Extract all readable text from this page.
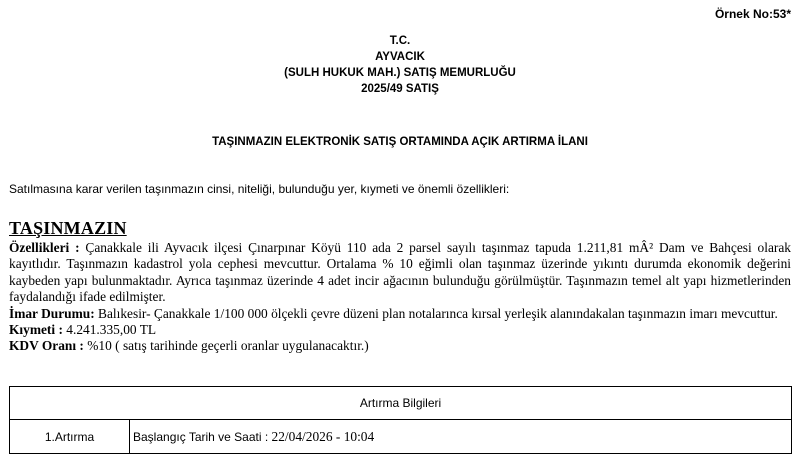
Örnek No:53*
T.C.
AYVACIK
(SULH HUKUK MAH.) SATIŞ MEMURLUĞU
2025/49 SATIŞ
TAŞINMAZIN ELEKTRONİK SATIŞ ORTAMINDA AÇIK ARTIRMA İLANI
Satılmasına karar verilen taşınmazın cinsi, niteliği, bulunduğu yer, kıymeti ve önemli özellikleri:
TAŞINMAZIN

Özellikleri : Çanakkale ili Ayvacık ilçesi Çınarpınar Köyü 110 ada 2 parsel sayılı taşınmaz tapuda 1.211,81 mÂ² Dam ve Bahçesi olarak kayıtlıdır. Taşınmazın kadastrol yola cephesi mevcuttur. Ortalama % 10 eğimli olan taşınmaz üzerinde yıkıntı durumda ekonomik değerini kaybeden yapı bulunmaktadır. Ayrıca taşınmaz üzerinde 4 adet incir ağacının bulunduğu görülmüştür. Taşınmazın temel alt yapı hizmetlerinden faydalandığı ifade edilmişter.

İmar Durumu: Balıkesir- Çanakkale 1/100 000 ölçekli çevre düzeni plan notalarınca kırsal yerleşik alanındakalan taşınmazın imarı mevcuttur.

Kıymeti : 4.241.335,00 TL

KDV Oranı : %10 ( satış tarihinde geçerli oranlar uygulanacaktır.)

Artırma Bilgileri
1.Artırma	Başlangıç Tarih ve Saati : 22/04/2026 - 10:04
